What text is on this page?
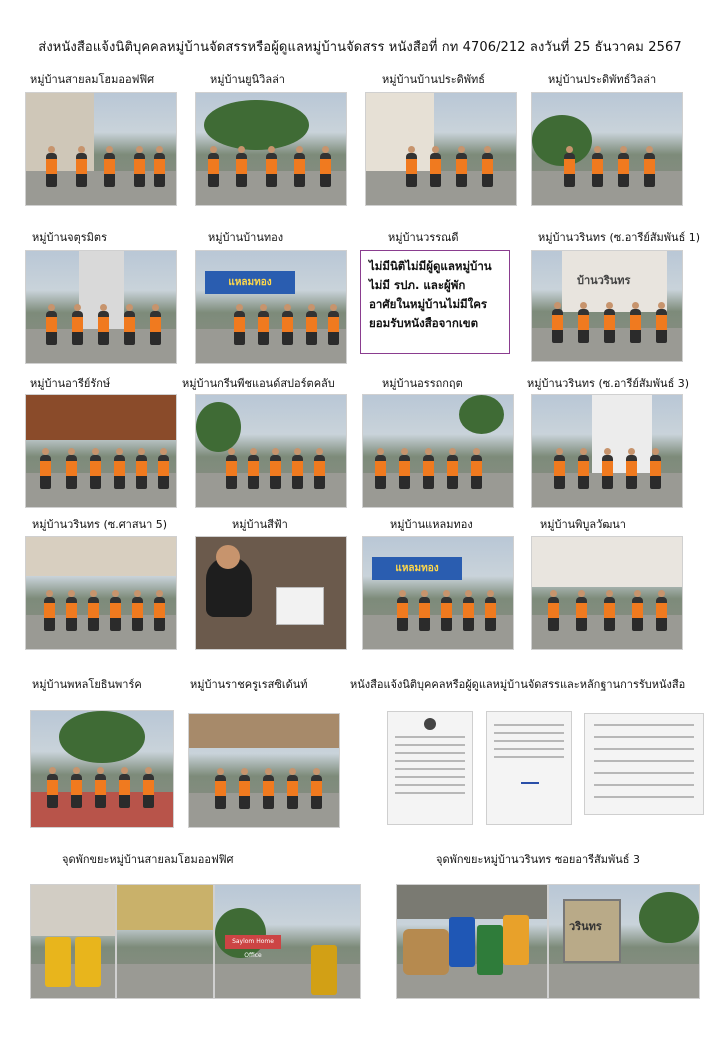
ส่งหนังสือแจ้งนิติบุคคลหมู่บ้านจัดสรรหรือผู้ดูแลหมู่บ้านจัดสรร หนังสือที่ กท 4706/212 ลงวันที่ 25 ธันวาคม 2567
หมู่บ้านสายลมโฮมออฟฟิศ	หมู่บ้านยูนิวิลล่า	หมู่บ้านบ้านประดิพัทธ์	หมู่บ้านประดิพัทธ์วิลล่า
หมู่บ้านจตุรมิตร	หมู่บ้านบ้านทอง	หมู่บ้านวรรณดี	หมู่บ้านวรินทร (ซ.อารีย์สัมพันธ์ 1)
แหลมทอง
ไม่มีนิติไม่มีผู้ดูแลหมู่บ้าน
ไม่มี รปภ. และผู้พัก
อาศัยในหมู่บ้านไม่มีใคร
ยอมรับหนังสือจากเขต
บ้านวรินทร
หมู่บ้านอารีย์รักษ์	หมู่บ้านกรีนพีชแอนด์สปอร์ตคลับ	หมู่บ้านอรรถกฤต	หมู่บ้านวรินทร (ซ.อารีย์สัมพันธ์ 3)
หมู่บ้านวรินทร (ซ.ศาสนา 5)	หมู่บ้านสีฟ้า	หมู่บ้านแหลมทอง	หมู่บ้านพิบูลวัฒนา
แหลมทอง
หมู่บ้านพหลโยธินพาร์ค	หมู่บ้านราชครูเรสซิเด้นท์	หนังสือแจ้งนิติบุคคลหรือผู้ดูแลหมู่บ้านจัดสรรและหลักฐานการรับหนังสือ
จุดพักขยะหมู่บ้านสายลมโฮมออฟฟิศ	จุดพักขยะหมู่บ้านวรินทร ซอยอารีสัมพันธ์ 3
Saylom Home Office
วรินทร
